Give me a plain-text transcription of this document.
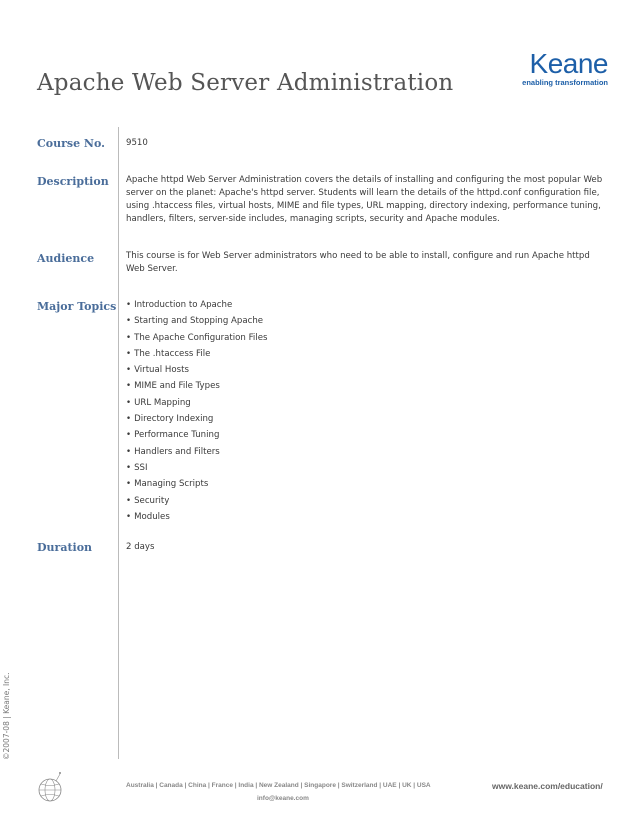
Keane
enabling transformation
Apache Web Server Administration
Course No. 9510
Description Apache httpd Web Server Administration covers the details of installing and configuring the most popular Web server on the planet: Apache's httpd server. Students will learn the details of the httpd.conf configuration file, using .htaccess files, virtual hosts, MIME and file types, URL mapping, directory indexing, performance tuning, handlers, filters, server-side includes, managing scripts, security and Apache modules.
Audience	This course is for Web Server administrators who need to be able to install, configure and run Apache httpd Web Server.
Major Topics • Introduction to Apache
• Starting and Stopping Apache
• The Apache Configuration Files
• The .htaccess File
• Virtual Hosts
• MIME and File Types
• URL Mapping
• Directory Indexing
• Performance Tuning
• Handlers and Filters
• SSI
• Managing Scripts
• Security
• Modules
Duration	2 days
©2007-08 | Keane, Inc.
Australia | Canada | China | France | India | New Zealand | Singapore | Switzerland | UAE | UK | USA
info@keane.com
www.keane.com/education/
